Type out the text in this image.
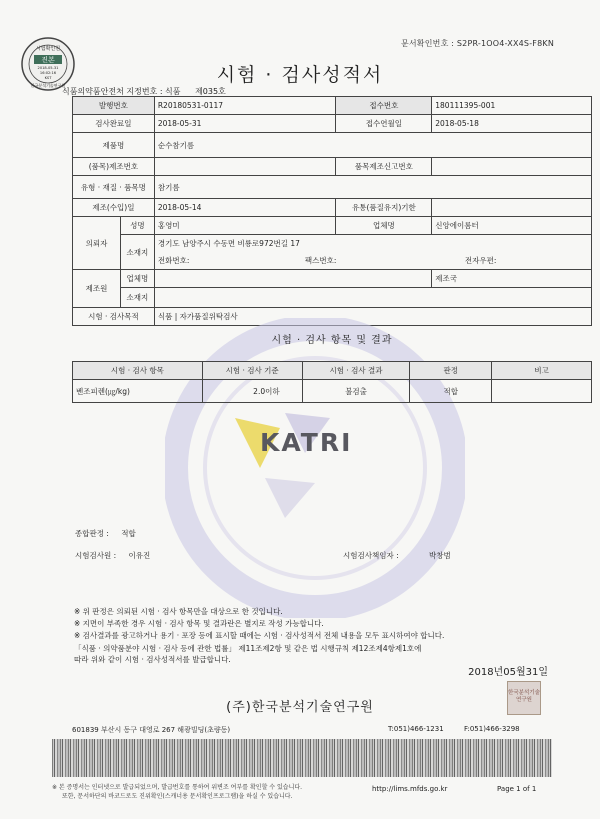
문서확인번호 : S2PR-1OO4-XX4S-F8KN
시험확인원
진본
2018-05-31
16:02:16
KST
한국분석기술연구원	시험 · 검사성적서
식품의약품안전처 지정번호 : 식품 제035호
발행번호		R20180531-0117	접수번호	180111395-001
검사완료일		2018-05-31	접수연월일	2018-05-18
제품명		순수참기름		
(품목)제조번호			품목제조신고번호	
유형 · 재질 · 품목명		참기름		
제조(수입)일		2018-05-14	유통(품질유지)기한	
의뢰자	성명	홍영미	업체명	신앙에이롬터
	소재지	경기도 남양주시 수동면 비룡로972번길 17		
		전화번호: 팩스번호: 전자우편:		

제조원	업체명			제조국
	소재지			
시험 · 검사목적		식품 | 자가품질위탁검사		
KATRI
시험 · 검사 항목 및 결과
시험 · 검사 항목	시험 · 검사 기준	시험 · 검사 결과	판정	비고
벤조피렌(㎍/kg)	2.0이하	불검출	적합	

종합판정 : 적합
시험검사원 : 이유진	시험검사책임자 :	박창범
※ 위 판정은 의뢰된 시험 · 검사 항목만을 대상으로 한 것입니다.
※ 지면이 부족한 경우 시험 · 검사 항목 및 결과란은 별지로 작성 가능합니다.
※ 검사결과를 광고하거나 용기 · 포장 등에 표시할 때에는 시험 · 검사성적서 전체 내용을 모두 표시하여야 합니다.
「식품 · 의약품분야 시험 · 검사 등에 관한 법률」 제11조제2항 및 같은 법 시행규칙 제12조제4항제1호에
따라 위와 같이 시험 · 검사성적서를 발급합니다.
2018년05월31일
(주)한국분석기술연구원
한국분석기술연구원
601839 부산시 동구 대영로 267 해광빌딩(초량동)	T:051)466-1231	F:051)466-3298
※ 본 증명서는 인터넷으로 발급되었으며, 발급번호를 통하여 위변조 여부를 확인할 수 있습니다.
또한, 문서하단의 바코드로도 진위확인(스캐너용 문서확인프로그램)을 하실 수 있습니다.
http://lims.mfds.go.kr	Page 1 of 1
